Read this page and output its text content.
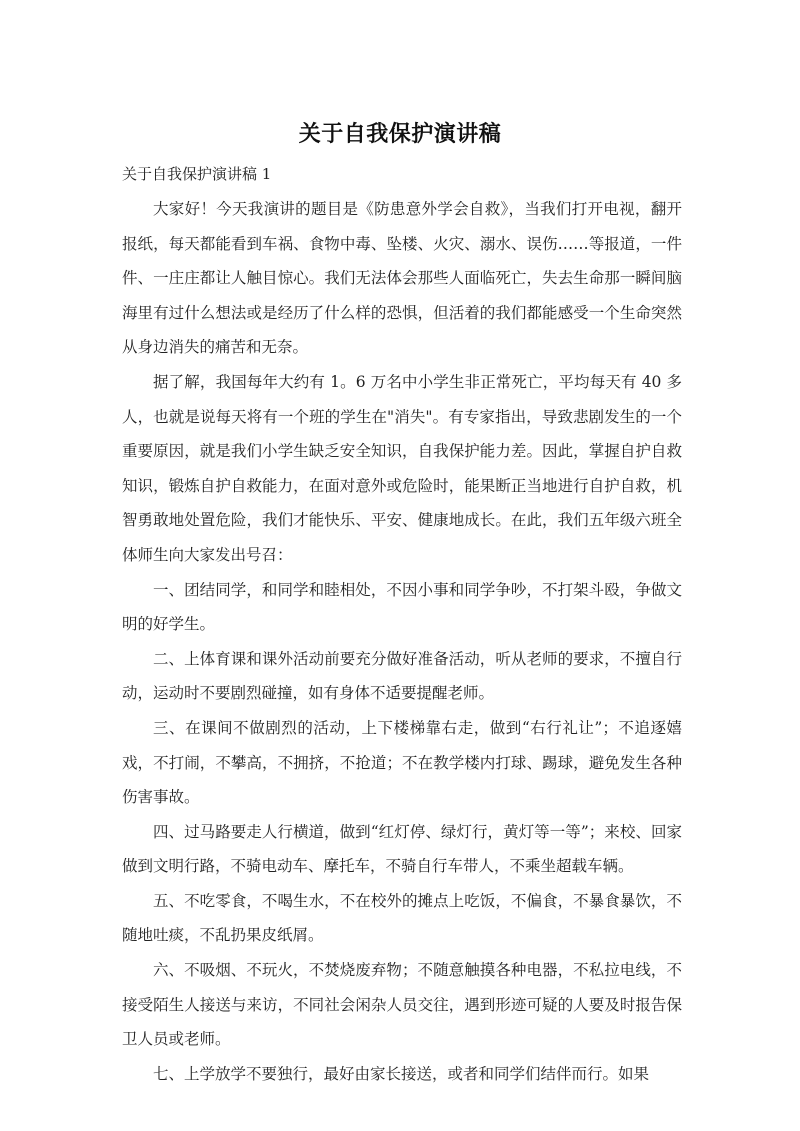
关于自我保护演讲稿
关于自我保护演讲稿 1

大家好！今天我演讲的题目是《防患意外学会自救》，当我们打开电视，翻开报纸，每天都能看到车祸、食物中毒、坠楼、火灾、溺水、误伤……等报道，一件件、一庄庄都让人触目惊心。我们无法体会那些人面临死亡，失去生命那一瞬间脑海里有过什么想法或是经历了什么样的恐惧，但活着的我们都能感受一个生命突然从身边消失的痛苦和无奈。

据了解，我国每年大约有 1。6 万名中小学生非正常死亡，平均每天有 40 多人，也就是说每天将有一个班的学生在"消失"。有专家指出，导致悲剧发生的一个重要原因，就是我们小学生缺乏安全知识，自我保护能力差。因此，掌握自护自救知识，锻炼自护自救能力，在面对意外或危险时，能果断正当地进行自护自救，机智勇敢地处置危险，我们才能快乐、平安、健康地成长。在此，我们五年级六班全体师生向大家发出号召：

一、团结同学，和同学和睦相处，不因小事和同学争吵，不打架斗殴，争做文明的好学生。

二、上体育课和课外活动前要充分做好准备活动，听从老师的要求，不擅自行动，运动时不要剧烈碰撞，如有身体不适要提醒老师。

三、在课间不做剧烈的活动，上下楼梯靠右走，做到“右行礼让”；不追逐嬉戏，不打闹，不攀高，不拥挤，不抢道；不在教学楼内打球、踢球，避免发生各种伤害事故。

四、过马路要走人行横道，做到“红灯停、绿灯行，黄灯等一等”；来校、回家做到文明行路，不骑电动车、摩托车，不骑自行车带人，不乘坐超载车辆。

五、不吃零食，不喝生水，不在校外的摊点上吃饭，不偏食，不暴食暴饮，不随地吐痰，不乱扔果皮纸屑。

六、不吸烟、不玩火，不焚烧废弃物；不随意触摸各种电器，不私拉电线，不接受陌生人接送与来访，不同社会闲杂人员交往，遇到形迹可疑的人要及时报告保卫人员或老师。

七、上学放学不要独行，最好由家长接送，或者和同学们结伴而行。如果
